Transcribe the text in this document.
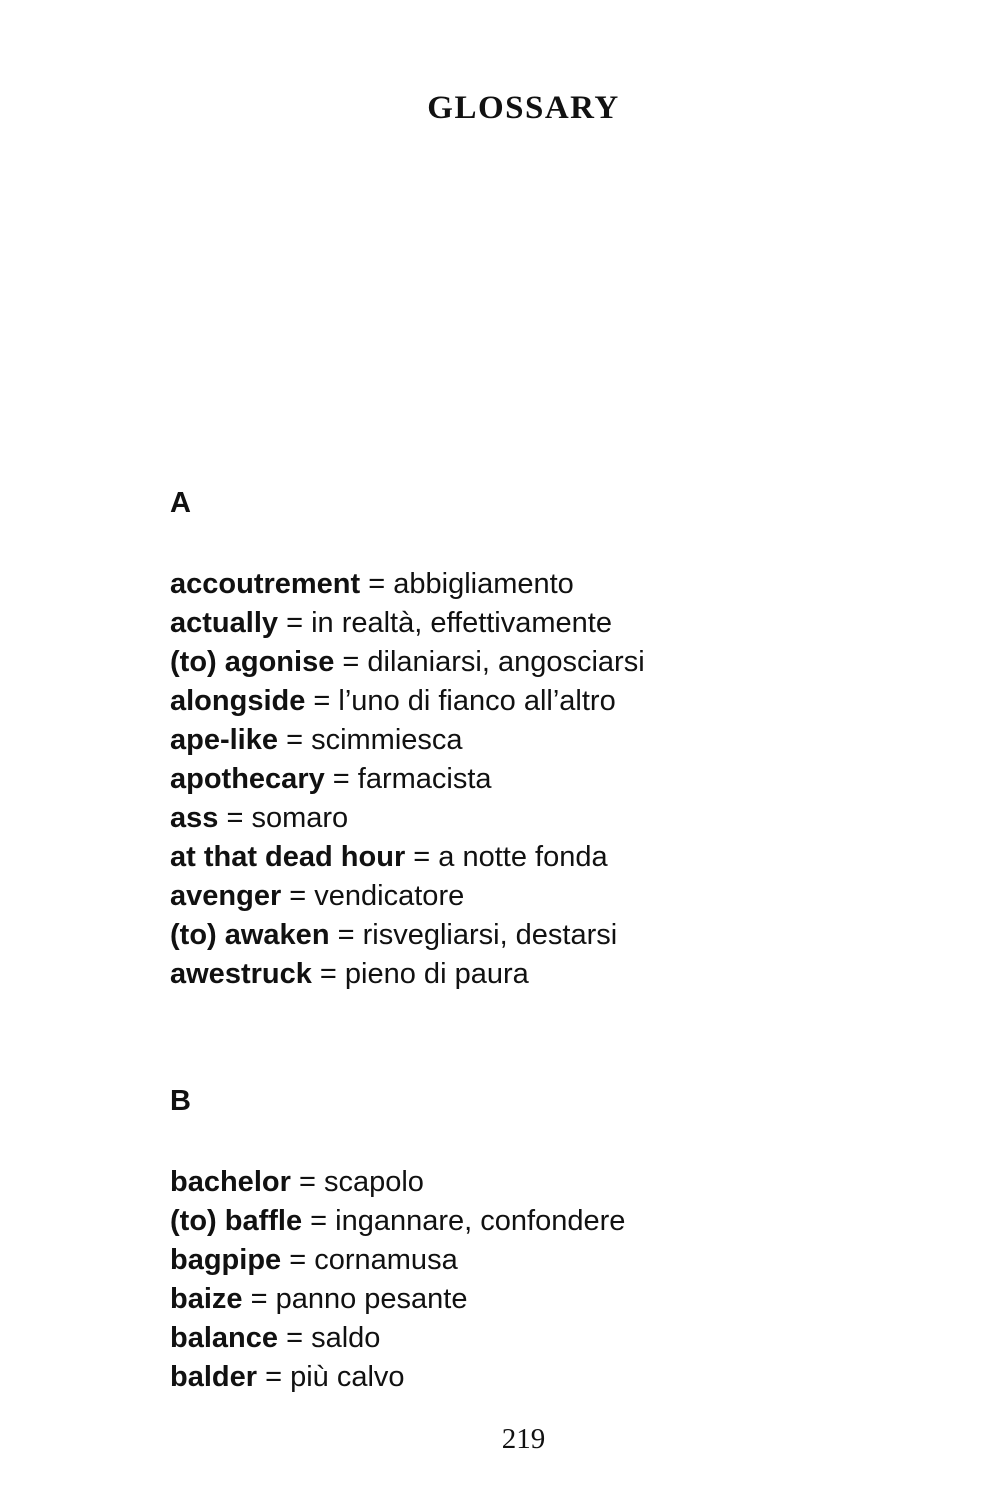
GLOSSARY
A
accoutrement = abbigliamento
actually = in realtà, effettivamente
(to) agonise = dilaniarsi, angosciarsi
alongside = l’uno di fianco all’altro
ape-like = scimmiesca
apothecary = farmacista
ass = somaro
at that dead hour = a notte fonda
avenger = vendicatore
(to) awaken = risvegliarsi, destarsi
awestruck = pieno di paura
B
bachelor = scapolo
(to) baffle = ingannare, confondere
bagpipe = cornamusa
baize = panno pesante
balance = saldo
balder = più calvo
219
